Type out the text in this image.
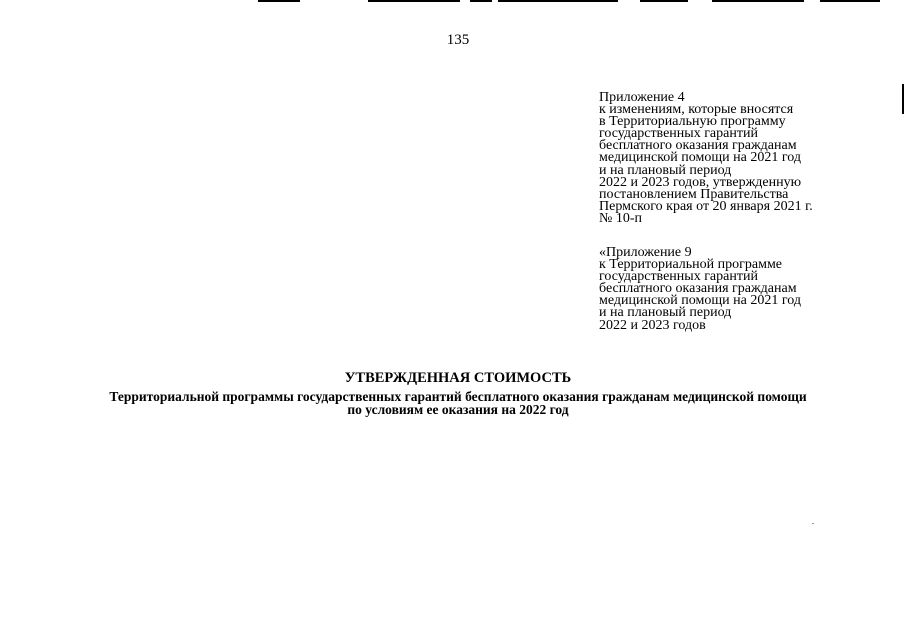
135
Приложение 4
к изменениям, которые вносятся
в Территориальную программу
государственных гарантий
бесплатного оказания гражданам
медицинской помощи на 2021 год
и на плановый период
2022 и 2023 годов, утвержденную
постановлением Правительства
Пермского края от 20 января 2021 г.
№ 10-п
«Приложение 9
к Территориальной программе
государственных гарантий
бесплатного оказания гражданам
медицинской помощи на 2021 год
и на плановый период
2022 и 2023 годов
УТВЕРЖДЕННАЯ СТОИМОСТЬ
Территориальной программы государственных гарантий бесплатного оказания гражданам медицинской помощи
по условиям ее оказания на 2022 год
